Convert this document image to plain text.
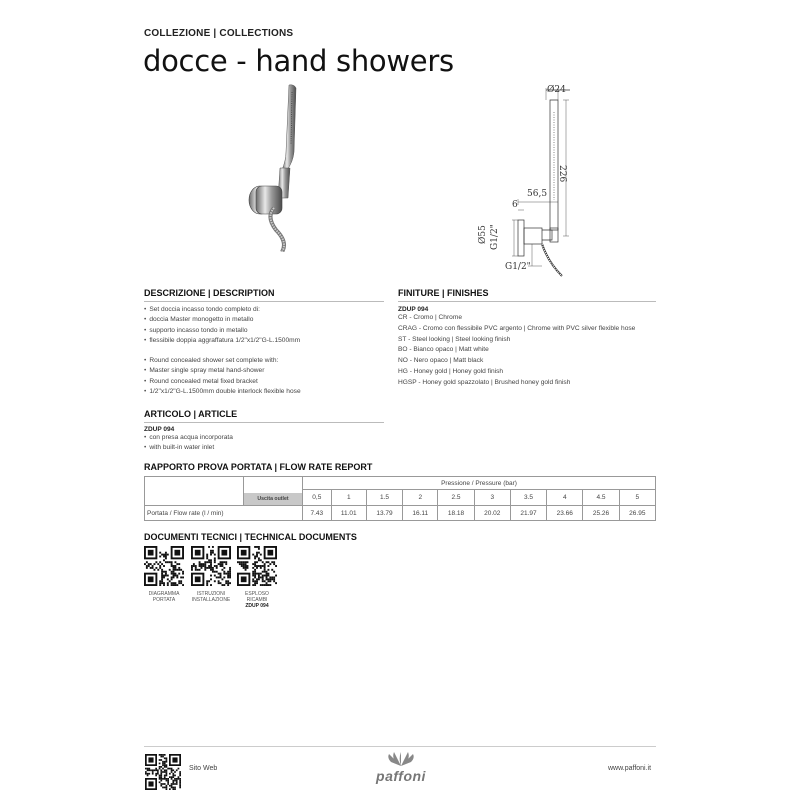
COLLEZIONE | COLLECTIONS
docce - hand showers
Ø24
226
56,5
6
Ø55 G1/2"
G1/2"
DESCRIZIONE | DESCRIPTION
• Set doccia incasso tondo completo di:
• doccia Master monogetto in metallo
• supporto incasso tondo in metallo
• flessibile doppia aggraffatura 1/2"x1/2"G-L.1500mm
• Round concealed shower set complete with:
• Master single spray metal hand-shower
• Round concealed metal fixed bracket
• 1/2"x1/2"G-L.1500mm double interlock flexible hose
ARTICOLO | ARTICLE
ZDUP 094
• con presa acqua incorporata
• with built-in water inlet
FINITURE | FINISHES
ZDUP 094
CR - Cromo | Chrome
CRAG - Cromo con flessibile PVC argento | Chrome with PVC silver flexible hose
ST - Steel looking | Steel looking finish
BO - Bianco opaco | Matt white
NO - Nero opaco | Matt black
HG - Honey gold | Honey gold finish
HGSP - Honey gold spazzolato | Brushed honey gold finish
RAPPORTO PROVA PORTATA | FLOW RATE REPORT

	Uscita outlet	Pressione / Pressure (bar)									
		0,5	1	1.5	2	2.5	3	3.5	4	4.5	5
Portata / Flow rate (l / min)		7.43	11.01	13.79	16.11	18.18	20.02	21.97	23.66	25.26	26.95
DOCUMENTI TECNICI | TECHNICAL DOCUMENTS
DIAGRAMMA
PORTATA
ISTRUZIONI
INSTALLAZIONE
ESPLOSO
RICAMBI
ZDUP 094
Sito Web	paffoni	www.paffoni.it
